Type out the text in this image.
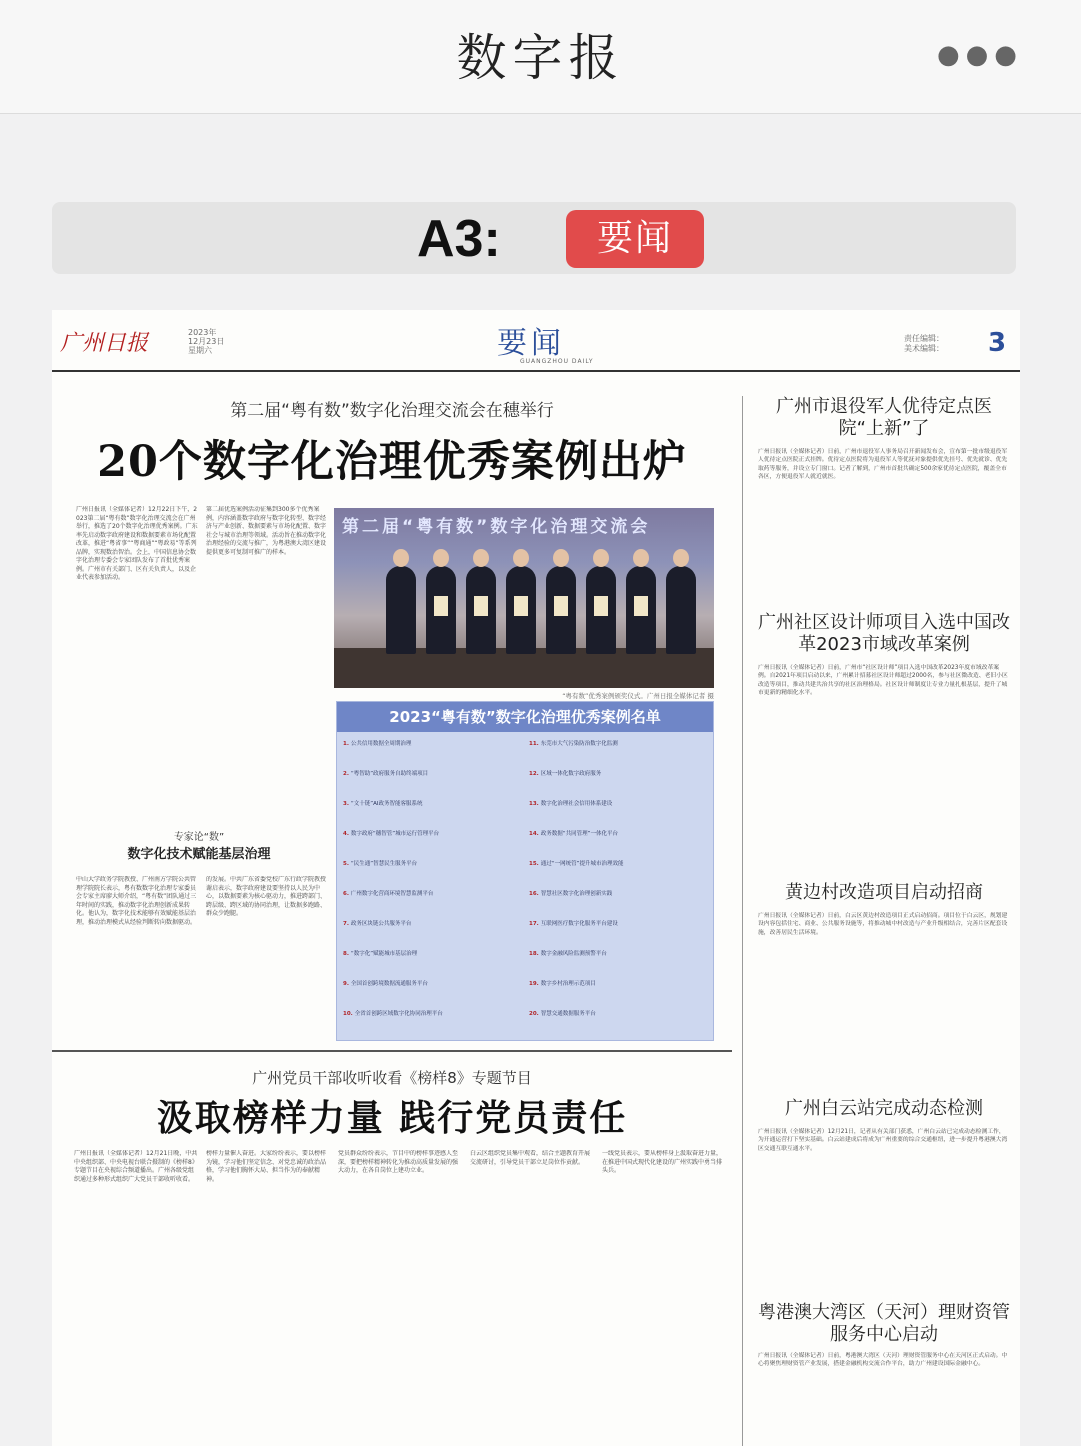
数字报	●●●
A3:	要闻
广州日报	2023年
12月23日
星期六	要闻
GUANGZHOU DAILY
责任编辑：
美术编辑： 3
第二届“粤有数”数字化治理交流会在穗举行
20个数字化治理优秀案例出炉
广州日报讯（全媒体记者）12月22日下午，2023第二届“粤有数”数字化治理交流会在广州举行，推选了20个数字化治理优秀案例。广东率先启动数字政府建设和数据要素市场化配置改革，推进“粤省事”“粤商通”“粤政易”等系列品牌，实现数治智治。会上，中国信息协会数字化治理专委会专家团队发布了首批优秀案例。广州市有关部门、区有关负责人，以及企业代表参加活动。
第二届优选案例活动征集到300多个优秀案例，内容涵盖数字政府与数字化转型、数字经济与产业创新、数据要素与市场化配置、数字社会与城市治理等领域。活动旨在推动数字化治理经验的交流与推广，为粤港澳大湾区建设提供更多可复制可推广的样本。
第二届“粤有数”数字化治理交流会
“粤有数”优秀案例颁奖仪式。广州日报全媒体记者 摄
2023“粤有数”数字化治理优秀案例名单
1. 公共信用数据全周期治理
2. “粤智助”政府服务自助终端项目
3. “文十链”AI政务智能客服系统
4. 数字政府“穗智管”城市运行管理平台
5. “民生通”智慧民生服务平台
6. 广州数字化营商环境智慧监测平台
7. 政务区块链公共服务平台
8. “数字化”赋能城市基层治理
9. 全国首创跨境数据流通服务平台
10. 全省首创跨区域数字化协同治理平台
11. 东莞市大气污染防治数字化监测
12. 区域一体化数字政府服务
13. 数字化治理社会信用体系建设
14. 政务数据“共同管理”一体化平台
15. 通过“一网统管”提升城市治理效能
16. 智慧社区数字化治理创新实践
17. 互联网医疗数字化服务平台建设
18. 数字金融风险监测预警平台
19. 数字乡村治理示范项目
20. 智慧交通数据服务平台
专家论“数”
数字化技术赋能基层治理
中山大学政务学院教授、广州南方学院公共管理学院院长表示，粤有数数字化治理专家委员会专家主席廖大师介绍，“粤有数”团队通过三年时间的实践，推动数字化治理创新成果转化。他认为，数字化技术能够有效赋能基层治理，推动治理模式从经验判断转向数据驱动。
的发展。中共广东省委党校广东行政学院教授谢启表示，数字政府建设要坚持以人民为中心，以数据要素为核心驱动力，推进跨部门、跨层级、跨区域的协同治理，让数据多跑路、群众少跑腿。
广州党员干部收听收看《榜样8》专题节目
汲取榜样力量 践行党员责任
广州日报讯（全媒体记者）12月21日晚，中共中央组织部、中央电视台联合摄制的《榜样8》专题节目在央视综合频道播出。广州各级党组织通过多种形式组织广大党员干部收听收看。
榜样力量催人奋进。大家纷纷表示，要以榜样为镜，学习他们坚定信念、对党忠诚的政治品格，学习他们胸怀大局、担当作为的奉献精神。
党员群众纷纷表示，节目中的榜样事迹感人至深，要把榜样精神转化为推动高质量发展的强大动力，在各自岗位上建功立业。
白云区组织党员集中观看，结合主题教育开展交流研讨，引导党员干部立足岗位作贡献。
一线党员表示，要从榜样身上汲取奋进力量，在推进中国式现代化建设的广州实践中勇当排头兵。
广州市退役军人优待定点医院“上新”了
广州日报讯（全媒体记者）日前，广州市退役军人事务局召开新闻发布会，宣布第一批市级退役军人优待定点医院正式挂牌。优待定点医院将为退役军人等优抚对象提供优先挂号、优先就诊、优先取药等服务，并设立专门窗口。记者了解到，广州市首批共确定500余家优待定点医院，覆盖全市各区，方便退役军人就近就医。
广州社区设计师项目入选中国改革2023市域改革案例
广州日报讯（全媒体记者）日前，广州市“社区设计师”项目入选中国改革2023年度市域改革案例。自2021年项目启动以来，广州累计招募社区设计师超过2000名，参与社区微改造、老旧小区改造等项目，推动共建共治共享的社区治理格局。社区设计师制度让专业力量扎根基层，提升了城市更新的精细化水平。
黄边村改造项目启动招商
广州日报讯（全媒体记者）日前，白云区黄边村改造项目正式启动招商。项目位于白云区，规划建设内容包括住宅、商业、公共服务设施等，将推动城中村改造与产业升级相结合，完善片区配套设施，改善居民生活环境。
广州白云站完成动态检测
广州日报讯（全媒体记者）12月21日，记者从有关部门获悉，广州白云站已完成动态检测工作，为开通运营打下坚实基础。白云站建成后将成为广州重要的综合交通枢纽，进一步提升粤港澳大湾区交通互联互通水平。
粤港澳大湾区（天河）理财资管服务中心启动
广州日报讯（全媒体记者）日前，粤港澳大湾区（天河）理财资管服务中心在天河区正式启动。中心将聚焦理财资管产业发展，搭建金融机构交流合作平台，助力广州建设国际金融中心。
